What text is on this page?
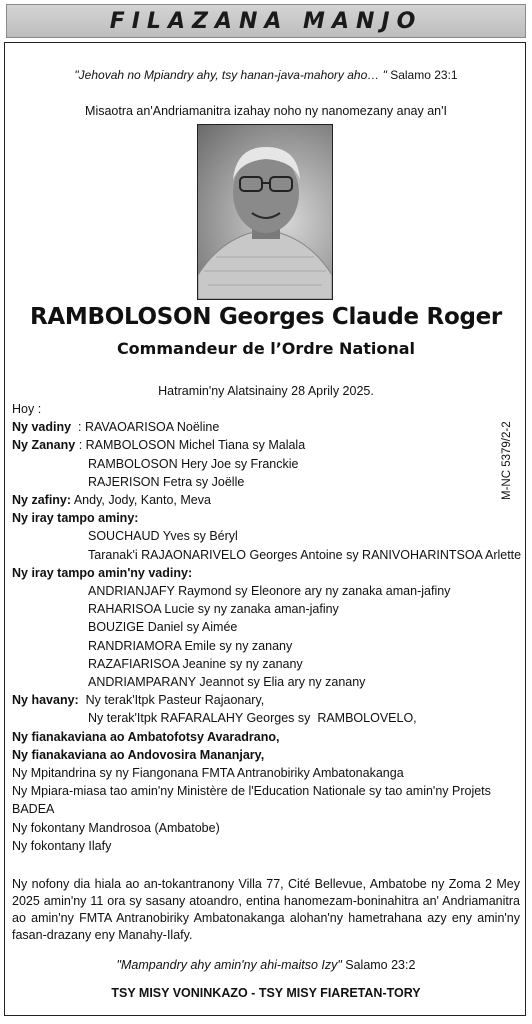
FILAZANA MANJO
"Jehovah no Mpiandry ahy, tsy hanan-java-mahory aho… " Salamo 23:1
Misaotra an'Andriamanitra izahay noho ny nanomezany anay an'I
RAMBOLOSON Georges Claude Roger
Commandeur de l’Ordre National
Hatramin'ny Alatsinainy 28 Aprily 2025.
M-NC 5379/2-2
Hoy :
Ny vadiny  : RAVAOARISOA Noëline
Ny Zanany : RAMBOLOSON Michel Tiana sy Malala
RAMBOLOSON Hery Joe sy Franckie
RAJERISON Fetra sy Joëlle
Ny zafiny: Andy, Jody, Kanto, Meva
Ny iray tampo aminy:
SOUCHAUD Yves sy Béryl
Taranak'i RAJAONARIVELO Georges Antoine sy RANIVOHARINTSOA Arlette
Ny iray tampo amin'ny vadiny:
ANDRIANJAFY Raymond sy Eleonore ary ny zanaka aman-jafiny
RAHARISOA Lucie sy ny zanaka aman-jafiny
BOUZIGE Daniel sy Aimée
RANDRIAMORA Emile sy ny zanany
RAZAFIARISOA Jeanine sy ny zanany
ANDRIAMPARANY Jeannot sy Elia ary ny zanany
Ny havany:  Ny terak'Itpk Pasteur Rajaonary,
Ny terak'Itpk RAFARALAHY Georges sy  RAMBOLOVELO,
Ny fianakaviana ao Ambatofotsy Avaradrano,
Ny fianakaviana ao Andovosira Mananjary,
Ny Mpitandrina sy ny Fiangonana FMTA Antranobiriky Ambatonakanga
Ny Mpiara-miasa tao amin'ny Ministère de l'Education Nationale sy tao amin'ny Projets
BADEA
Ny fokontany Mandrosoa (Ambatobe)
Ny fokontany Ilafy
Ny nofony dia hiala ao an-tokantranony Villa 77, Cité Bellevue, Ambatobe ny Zoma 2 Mey 2025 amin'ny 11 ora sy sasany atoandro, entina hanomezam-boninahitra an' Andriamanitra ao amin'ny FMTA Antranobiriky Ambatonakanga alohan'ny hametrahana azy eny amin'ny fasan-drazany eny Manahy-Ilafy.
"Mampandry ahy amin'ny ahi-maitso Izy" Salamo 23:2
TSY MISY VONINKAZO - TSY MISY FIARETAN-TORY
